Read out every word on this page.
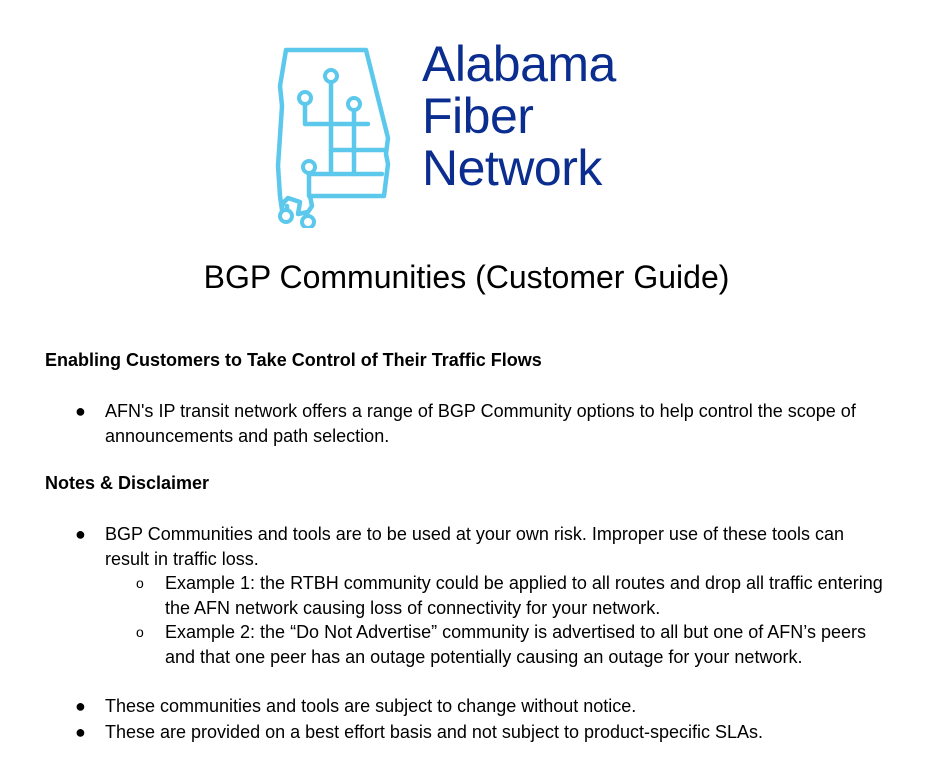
Alabama
Fiber
Network
BGP Communities (Customer Guide)
Enabling Customers to Take Control of Their Traffic Flows
● AFN's IP transit network offers a range of BGP Community options to help control the scope of announcements and path selection.
Notes & Disclaimer
● BGP Communities and tools are to be used at your own risk. Improper use of these tools can result in traffic loss.
o Example 1: the RTBH community could be applied to all routes and drop all traffic entering the AFN network causing loss of connectivity for your network.
o Example 2: the “Do Not Advertise” community is advertised to all but one of AFN’s peers and that one peer has an outage potentially causing an outage for your network.
● These communities and tools are subject to change without notice.
● These are provided on a best effort basis and not subject to product-specific SLAs.
